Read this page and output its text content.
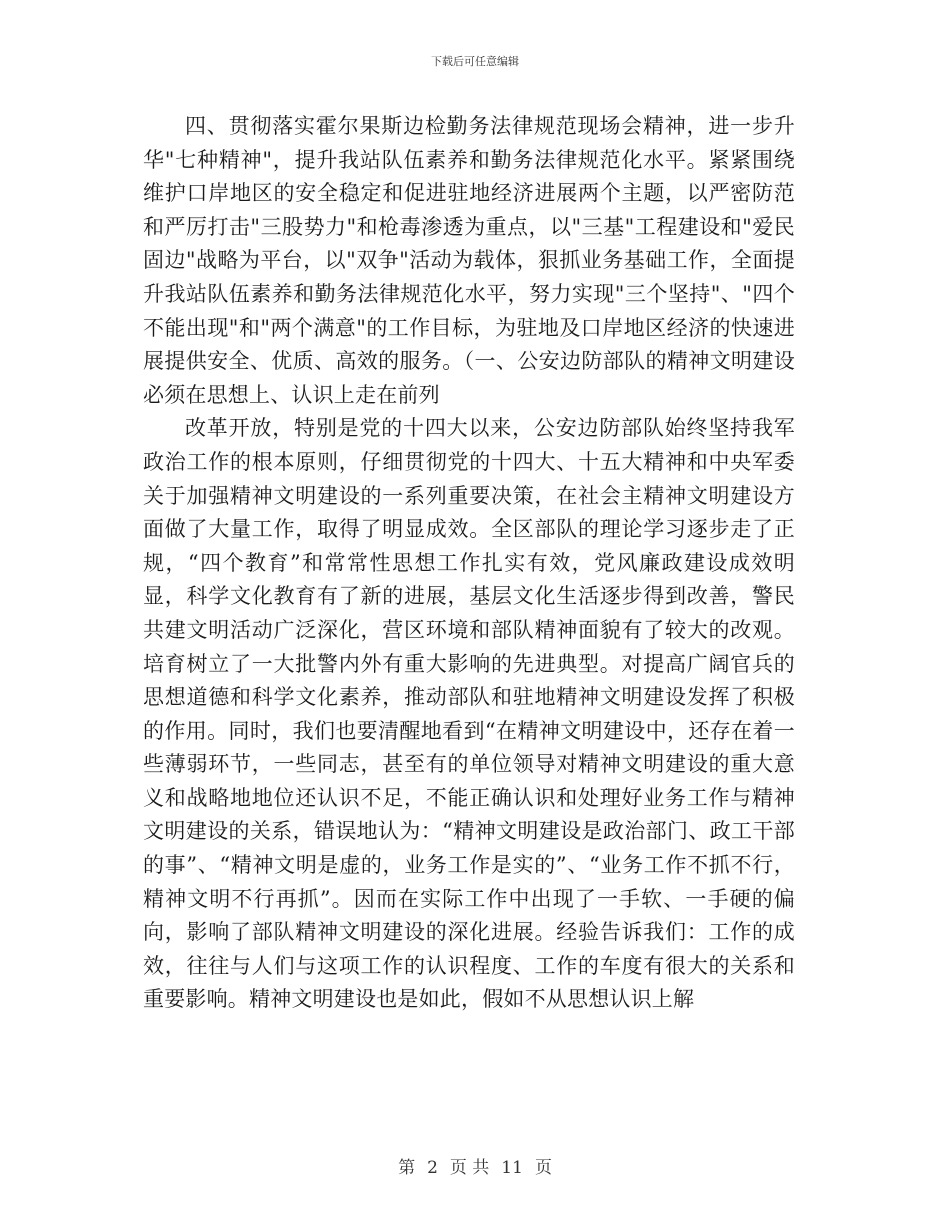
下载后可任意编辑

四、贯彻落实霍尔果斯边检勤务法律规范现场会精神，进一步升华"七种精神"，提升我站队伍素养和勤务法律规范化水平。紧紧围绕维护口岸地区的安全稳定和促进驻地经济进展两个主题，以严密防范和严厉打击"三股势力"和枪毒渗透为重点，以"三基"工程建设和"爱民固边"战略为平台，以"双争"活动为载体，狠抓业务基础工作，全面提升我站队伍素养和勤务法律规范化水平，努力实现"三个坚持"、"四个不能出现"和"两个满意"的工作目标，为驻地及口岸地区经济的快速进展提供安全、优质、高效的服务。（一、公安边防部队的精神文明建设必须在思想上、认识上走在前列

改革开放，特别是党的十四大以来，公安边防部队始终坚持我军政治工作的根本原则，仔细贯彻党的十四大、十五大精神和中央军委关于加强精神文明建设的一系列重要决策，在社会主精神文明建设方面做了大量工作，取得了明显成效。全区部队的理论学习逐步走了正规，“四个教育”和常常性思想工作扎实有效，党风廉政建设成效明显，科学文化教育有了新的进展，基层文化生活逐步得到改善，警民共建文明活动广泛深化，营区环境和部队精神面貌有了较大的改观。培育树立了一大批警内外有重大影响的先进典型。对提高广阔官兵的思想道德和科学文化素养，推动部队和驻地精神文明建设发挥了积极的作用。同时，我们也要清醒地看到“在精神文明建设中，还存在着一些薄弱环节，一些同志，甚至有的单位领导对精神文明建设的重大意义和战略地地位还认识不足，不能正确认识和处理好业务工作与精神文明建设的关系，错误地认为：“精神文明建设是政治部门、政工干部的事”、“精神文明是虚的，业务工作是实的”、“业务工作不抓不行，精神文明不行再抓”。因而在实际工作中出现了一手软、一手硬的偏向，影响了部队精神文明建设的深化进展。经验告诉我们：工作的成效，往往与人们与这项工作的认识程度、工作的车度有很大的关系和重要影响。精神文明建设也是如此，假如不从思想认识上解

第 2 页 共 11 页
